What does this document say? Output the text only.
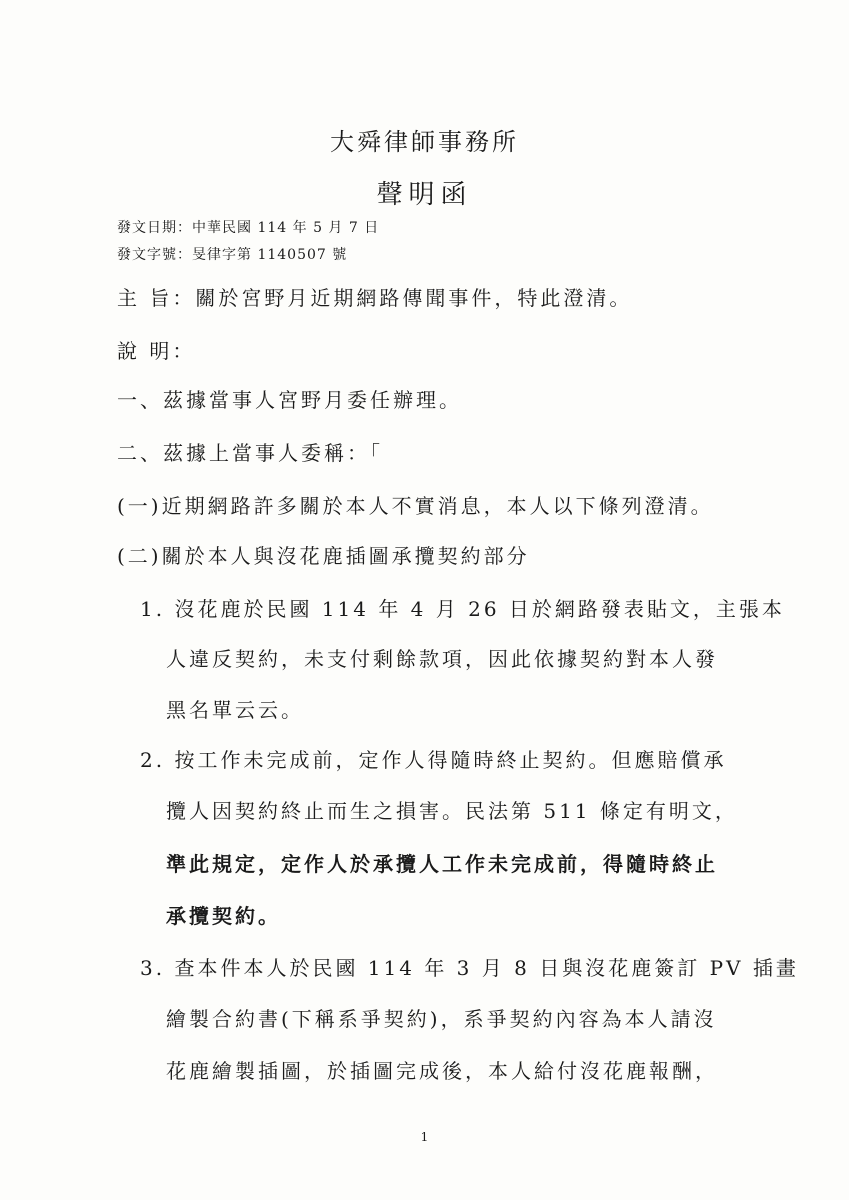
大舜律師事務所
聲明函
發文日期：中華民國 114 年 5 月 7 日
發文字號：旻律字第 1140507 號
主 旨：關於宮野月近期網路傳聞事件，特此澄清。
說 明：
一、茲據當事人宮野月委任辦理。
二、茲據上當事人委稱：「
(一)近期網路許多關於本人不實消息，本人以下條列澄清。
(二)關於本人與沒花鹿插圖承攬契約部分
1. 沒花鹿於民國 114 年 4 月 26 日於網路發表貼文，主張本
人違反契約，未支付剩餘款項，因此依據契約對本人發
黑名單云云。
2. 按工作未完成前，定作人得隨時終止契約。但應賠償承
攬人因契約終止而生之損害。民法第 511 條定有明文，
準此規定，定作人於承攬人工作未完成前，得隨時終止
承攬契約。
3. 查本件本人於民國 114 年 3 月 8 日與沒花鹿簽訂 PV 插畫
繪製合約書(下稱系爭契約)，系爭契約內容為本人請沒
花鹿繪製插圖，於插圖完成後，本人給付沒花鹿報酬，
1
